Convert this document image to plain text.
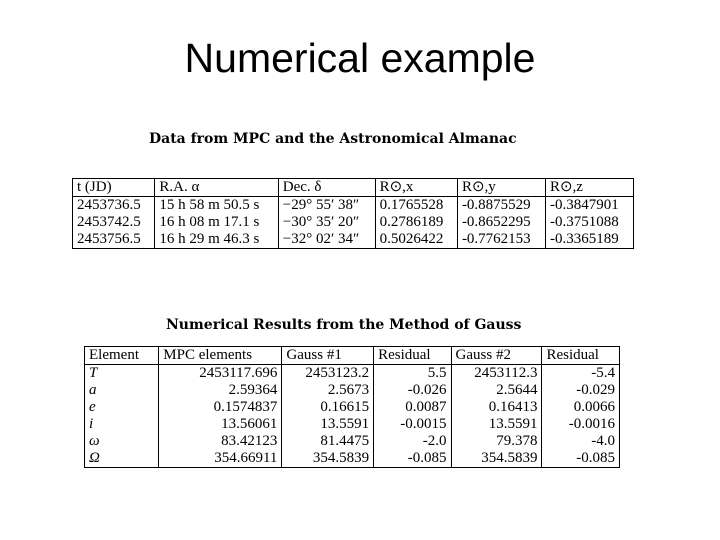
Numerical example
Data from MPC and the Astronomical Almanac
t (JD)	R.A. α	Dec. δ	R⊙,x	R⊙,y	R⊙,z
2453736.5	15 h 58 m 50.5 s	−29° 55′ 38″	0.1765528	-0.8875529	-0.3847901
2453742.5	16 h 08 m 17.1 s	−30° 35′ 20″	0.2786189	-0.8652295	-0.3751088
2453756.5	16 h 29 m 46.3 s	−32° 02′ 34″	0.5026422	-0.7762153	-0.3365189
Numerical Results from the Method of Gauss
Element	MPC elements	Gauss #1	Residual	Gauss #2	Residual
T	2453117.696	2453123.2	5.5	2453112.3	-5.4
a	2.59364	2.5673	-0.026	2.5644	-0.029
e	0.1574837	0.16615	0.0087	0.16413	0.0066
i	13.56061	13.5591	-0.0015	13.5591	-0.0016
ω	83.42123	81.4475	-2.0	79.378	-4.0
Ω	354.66911	354.5839	-0.085	354.5839	-0.085
